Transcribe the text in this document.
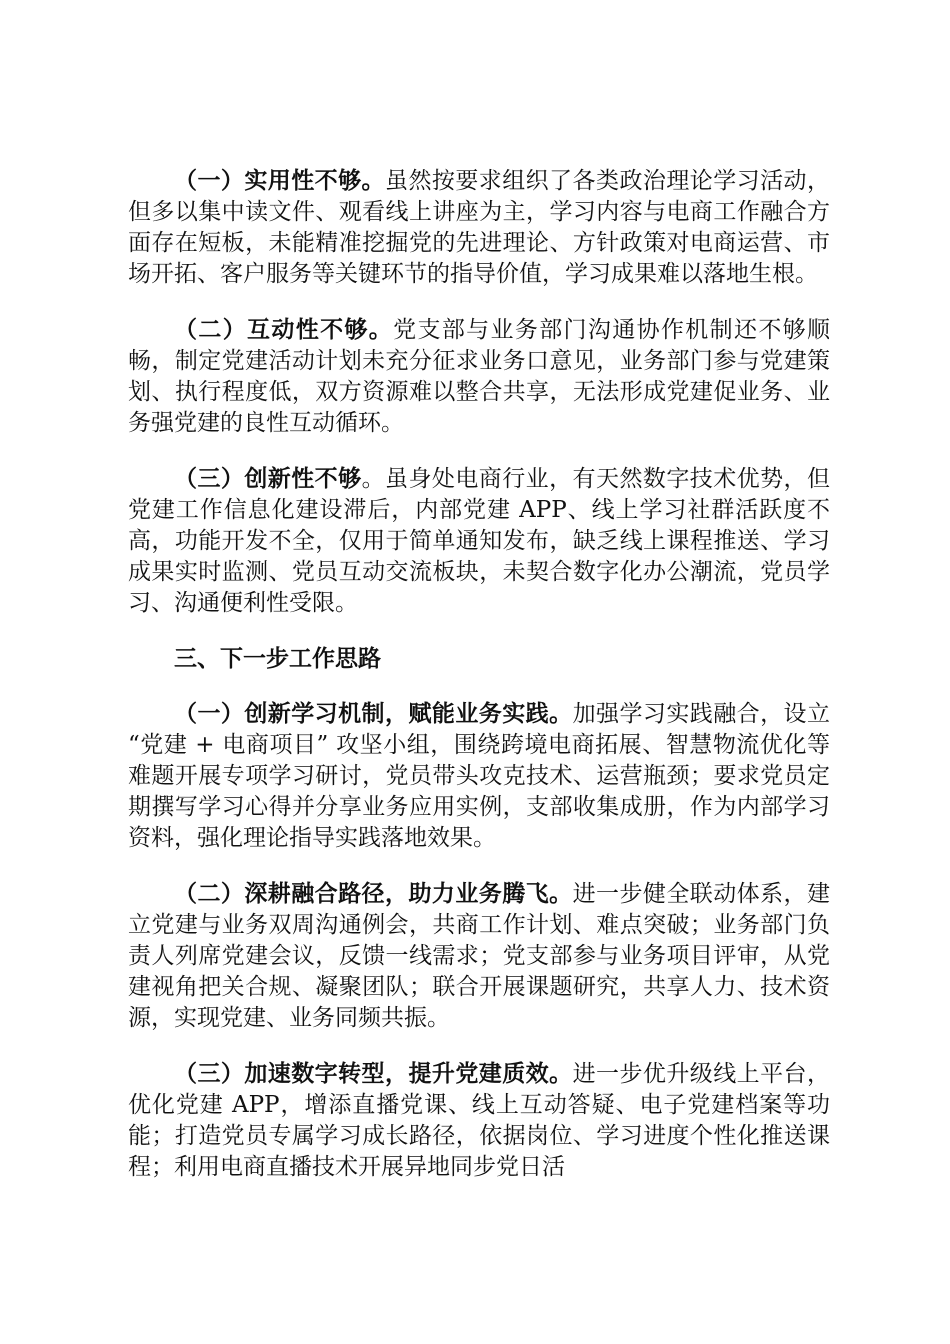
（一）实用性不够。虽然按要求组织了各类政治理论学习活动，但多以集中读文件、观看线上讲座为主，学习内容与电商工作融合方面存在短板，未能精准挖掘党的先进理论、方针政策对电商运营、市场开拓、客户服务等关键环节的指导价值，学习成果难以落地生根。

（二）互动性不够。党支部与业务部门沟通协作机制还不够顺畅，制定党建活动计划未充分征求业务口意见，业务部门参与党建策划、执行程度低，双方资源难以整合共享，无法形成党建促业务、业务强党建的良性互动循环。

（三）创新性不够。虽身处电商行业，有天然数字技术优势，但党建工作信息化建设滞后，内部党建 APP、线上学习社群活跃度不高，功能开发不全，仅用于简单通知发布，缺乏线上课程推送、学习成果实时监测、党员互动交流板块，未契合数字化办公潮流，党员学习、沟通便利性受限。

三、下一步工作思路

（一）创新学习机制，赋能业务实践。加强学习实践融合，设立 “党建 + 电商项目” 攻坚小组，围绕跨境电商拓展、智慧物流优化等难题开展专项学习研讨，党员带头攻克技术、运营瓶颈；要求党员定期撰写学习心得并分享业务应用实例，支部收集成册，作为内部学习资料，强化理论指导实践落地效果。

（二）深耕融合路径，助力业务腾飞。进一步健全联动体系，建立党建与业务双周沟通例会，共商工作计划、难点突破；业务部门负责人列席党建会议，反馈一线需求；党支部参与业务项目评审，从党建视角把关合规、凝聚团队；联合开展课题研究，共享人力、技术资源，实现党建、业务同频共振。

（三）加速数字转型，提升党建质效。进一步优升级线上平台，优化党建 APP，增添直播党课、线上互动答疑、电子党建档案等功能；打造党员专属学习成长路径，依据岗位、学习进度个性化推送课程；利用电商直播技术开展异地同步党日活
